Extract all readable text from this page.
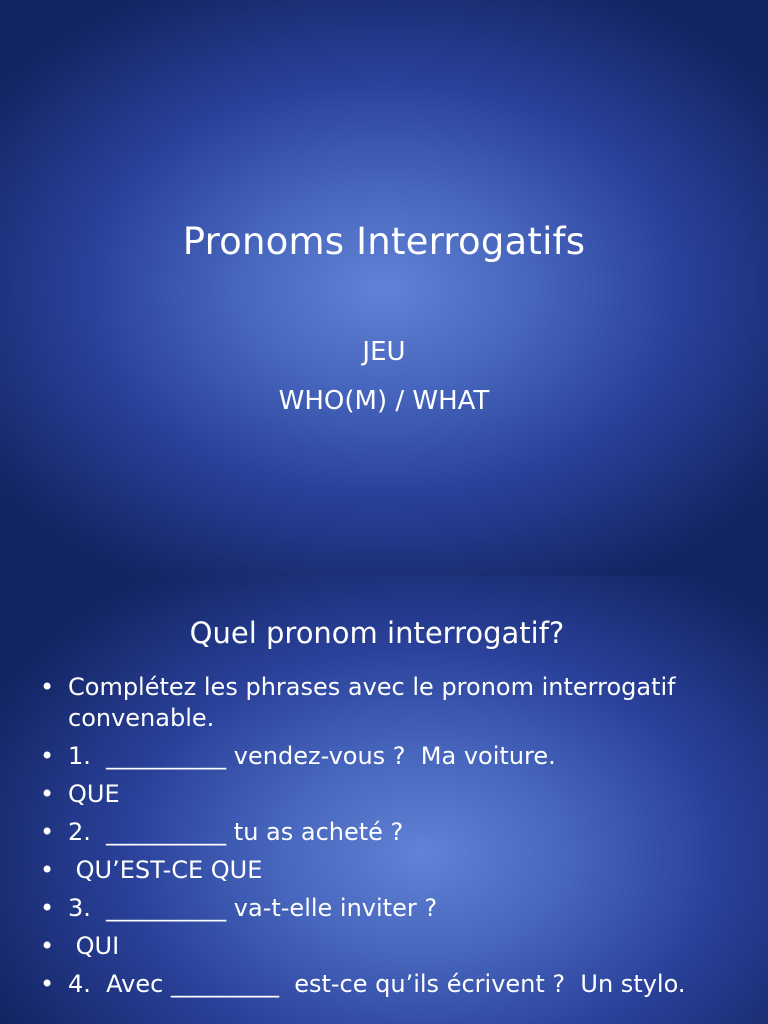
Pronoms Interrogatifs
JEU
WHO(M) / WHAT
Quel pronom interrogatif?
• Complétez les phrases avec le pronom interrogatif convenable.
• 1.  __________ vendez-vous ?  Ma voiture.
• QUE
• 2.  __________ tu as acheté ?
• QU’EST-CE QUE
• 3.  __________ va-t-elle inviter ?
• QUI
• 4.  Avec _________  est-ce qu’ils écrivent ?  Un stylo.
